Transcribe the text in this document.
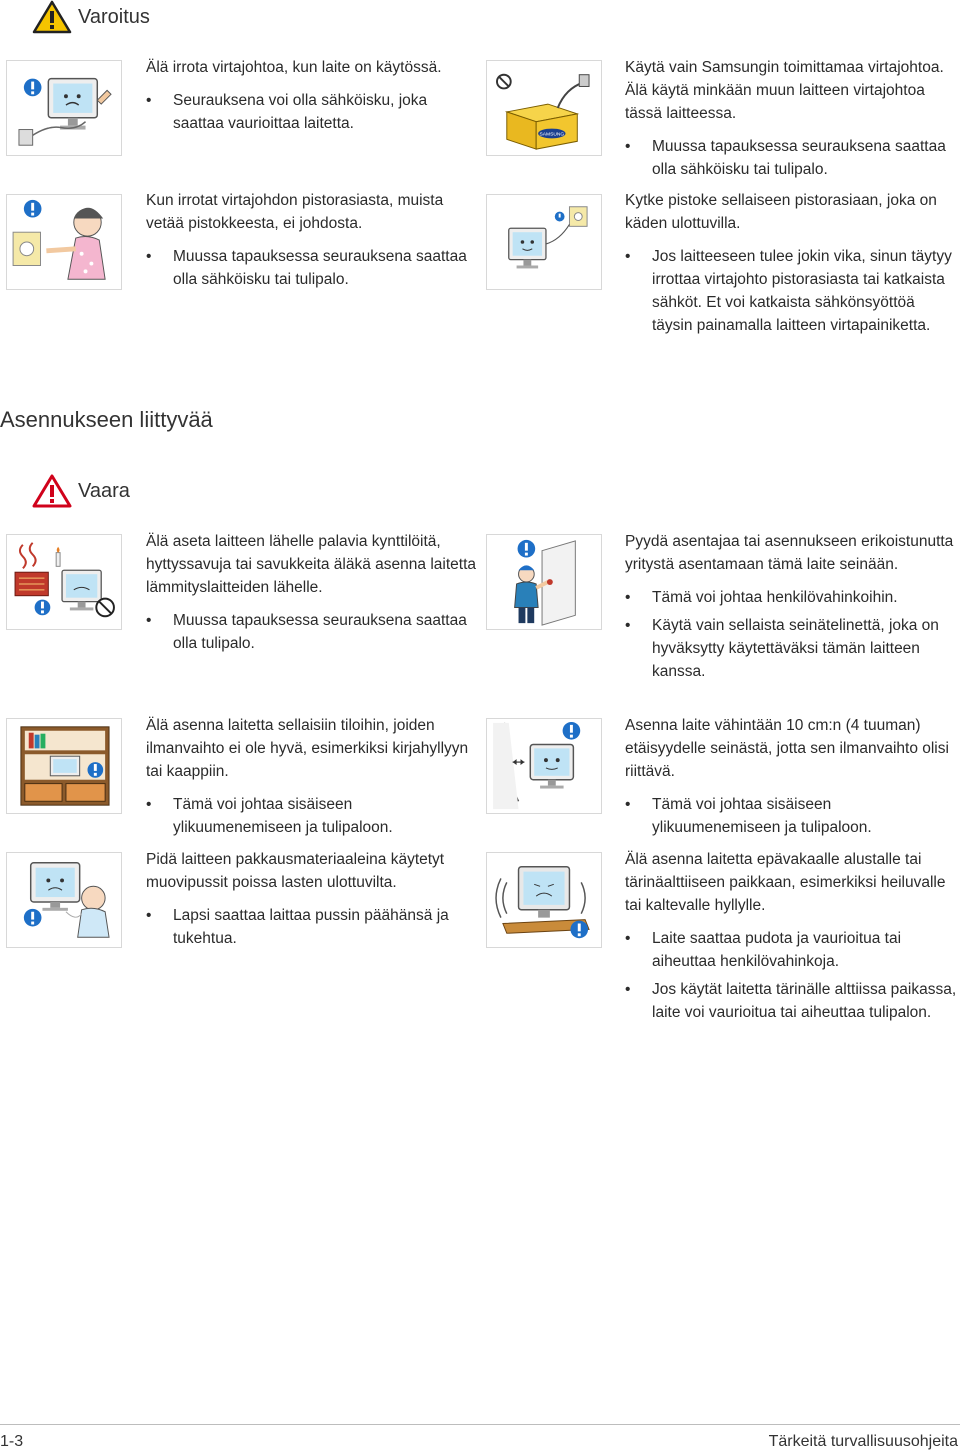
Varoitus

Älä irrota virtajohtoa, kun laite on käytössä.

• Seurauksena voi olla sähköisku, joka saattaa vaurioittaa laitetta.

Kun irrotat virtajohdon pistorasiasta, muista vetää pistokkeesta, ei johdosta.

• Muussa tapauksessa seurauksena saattaa olla sähköisku tai tulipalo.
SAMSUNG

Käytä vain Samsungin toimittamaa virtajohtoa. Älä käytä minkään muun laitteen virtajohtoa tässä laitteessa.

• Muussa tapauksessa seurauksena saattaa olla sähköisku tai tulipalo.

Kytke pistoke sellaiseen pistorasiaan, joka on käden ulottuvilla.

• Jos laitteeseen tulee jokin vika, sinun täytyy irrottaa virtajohto pistorasiasta tai katkaista sähköt. Et voi katkaista sähkönsyöttöä täysin painamalla laitteen virtapainiketta.
Asennukseen liittyvää
Vaara

Älä aseta laitteen lähelle palavia kynttilöitä, hyttyssavuja tai savukkeita äläkä asenna laitetta lämmityslaitteiden lähelle.

• Muussa tapauksessa seurauksena saattaa olla tulipalo.

Älä asenna laitetta sellaisiin tiloihin, joiden ilmanvaihto ei ole hyvä, esimerkiksi kirjahyllyyn tai kaappiin.

• Tämä voi johtaa sisäiseen ylikuumenemiseen ja tulipaloon.

Pidä laitteen pakkausmateriaaleina käytetyt muovipussit poissa lasten ulottuvilta.

• Lapsi saattaa laittaa pussin päähänsä ja tukehtua.

Pyydä asentajaa tai asennukseen erikoistunutta yritystä asentamaan tämä laite seinään.

• Tämä voi johtaa henkilövahinkoihin.
• Käytä vain sellaista seinätelinettä, joka on hyväksytty käytettäväksi tämän laitteen kanssa.

Asenna laite vähintään 10 cm:n (4 tuuman) etäisyydelle seinästä, jotta sen ilmanvaihto olisi riittävä.

• Tämä voi johtaa sisäiseen ylikuumenemiseen ja tulipaloon.

Älä asenna laitetta epävakaalle alustalle tai tärinäalttiiseen paikkaan, esimerkiksi heiluvalle tai kaltevalle hyllylle.

• Laite saattaa pudota ja vaurioitua tai aiheuttaa henkilövahinkoja.
• Jos käytät laitetta tärinälle alttiissa paikassa, laite voi vaurioitua tai aiheuttaa tulipalon.
1-3	Tärkeitä turvallisuusohjeita
